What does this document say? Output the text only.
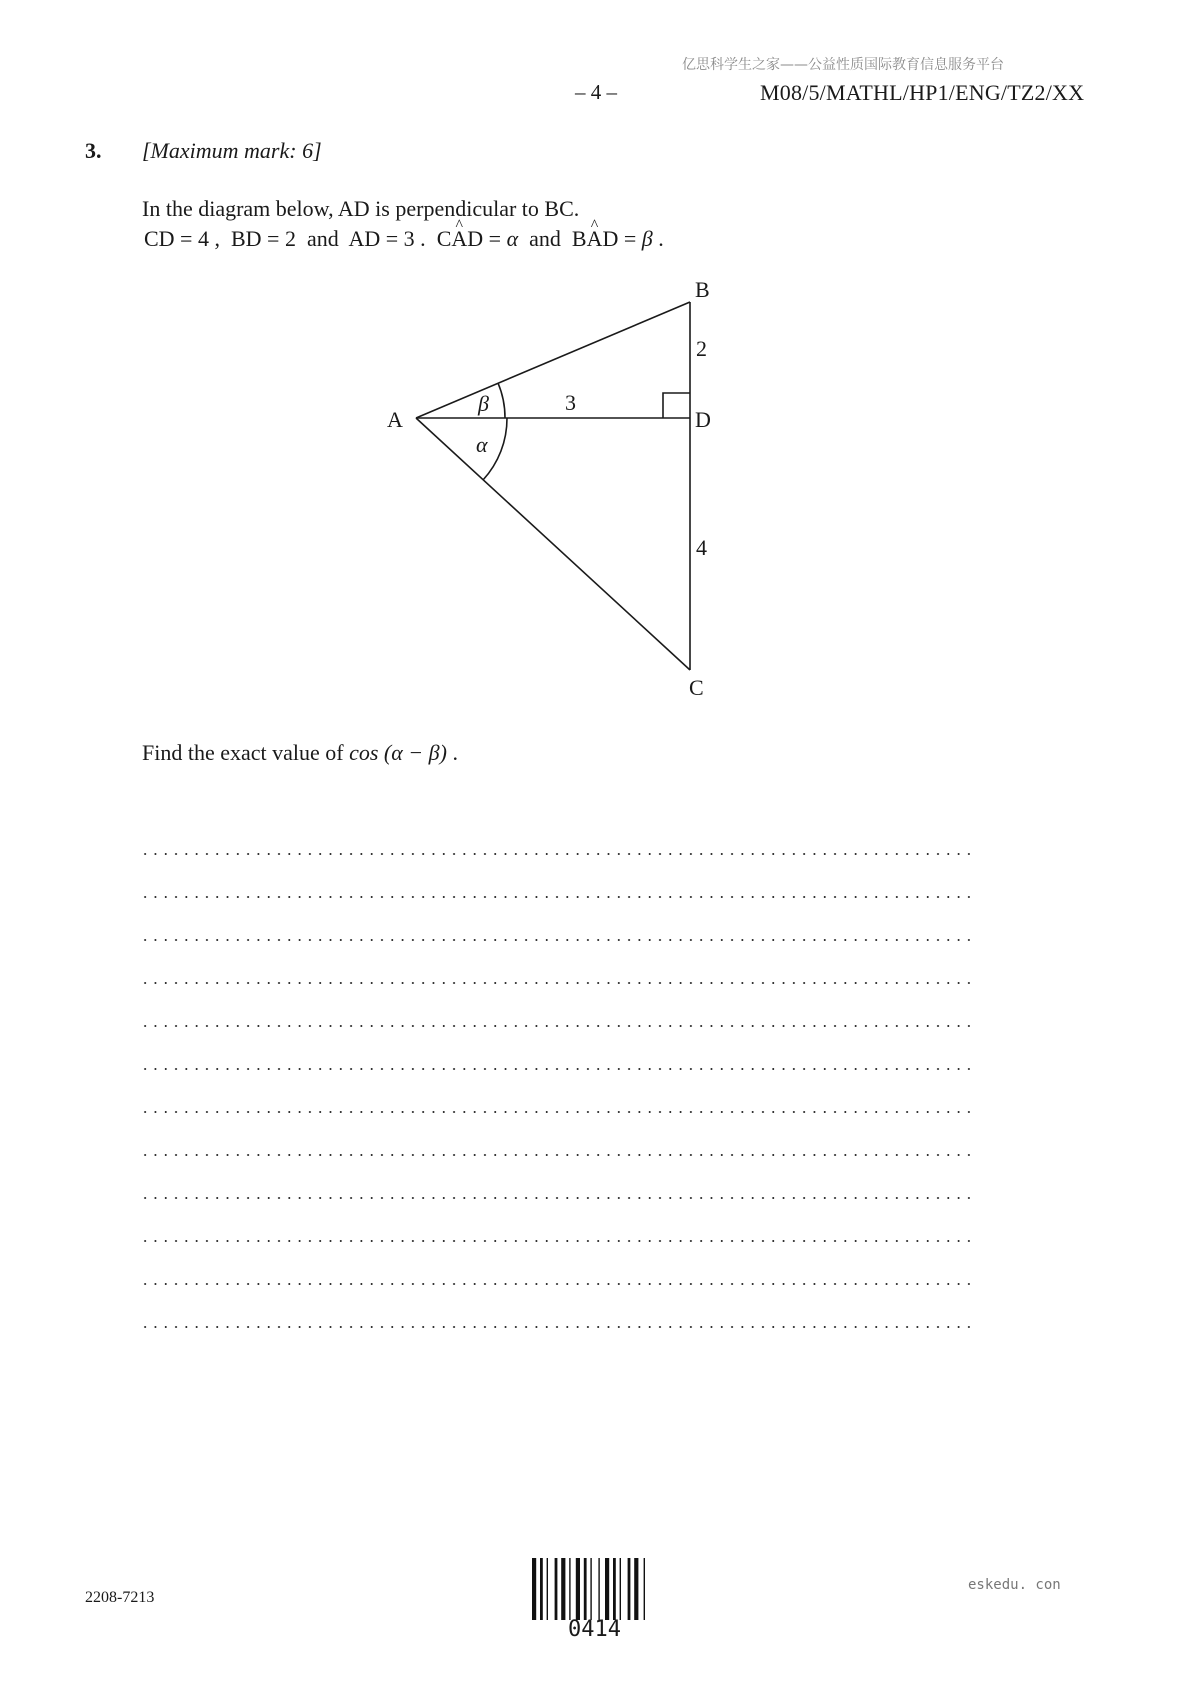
亿思科学生之家——公益性质国际教育信息服务平台
– 4 –	M08/5/MATHL/HP1/ENG/TZ2/XX
3. [Maximum mark: 6]
In the diagram below, AD is perpendicular to BC.
CD = 4 , BD = 2 and AD = 3 . C^ AD = α and B^ AD = β .
A
B
C
D
3
2
4
α
β
Find the exact value of cos (α − β) .
2208-7213
0414
eskedu. con
